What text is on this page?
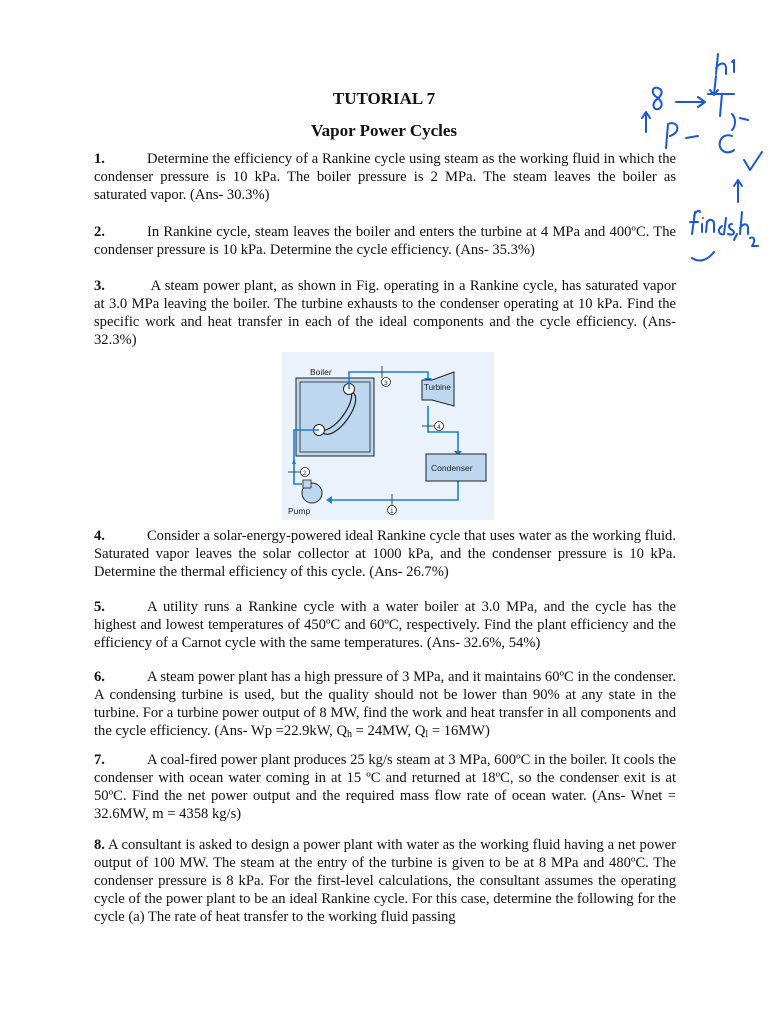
TUTORIAL 7
Vapor Power Cycles

1.	Determine the efficiency of a Rankine cycle using steam as the working fluid in which the condenser pressure is 10 kPa. The boiler pressure is 2 MPa. The steam leaves the boiler as saturated vapor. (Ans- 30.3%)

2.	In Rankine cycle, steam leaves the boiler and enters the turbine at 4 MPa and 400ºC. The condenser pressure is 10 kPa. Determine the cycle efficiency. (Ans- 35.3%)

3.	A steam power plant, as shown in Fig. operating in a Rankine cycle, has saturated vapor at 3.0 MPa leaving the boiler. The turbine exhausts to the condenser operating at 10 kPa. Find the specific work and heat transfer in each of the ideal components and the cycle efficiency. (Ans- 32.3%)

Boiler
Turbine
Condenser
Pump
3
4
2
1

4.	Consider a solar-energy-powered ideal Rankine cycle that uses water as the working fluid. Saturated vapor leaves the solar collector at 1000 kPa, and the condenser pressure is 10 kPa. Determine the thermal efficiency of this cycle. (Ans- 26.7%)

5.	A utility runs a Rankine cycle with a water boiler at 3.0 MPa, and the cycle has the highest and lowest temperatures of 450ºC and 60ºC, respectively. Find the plant efficiency and the efficiency of a Carnot cycle with the same temperatures. (Ans- 32.6%, 54%)

6.	A steam power plant has a high pressure of 3 MPa, and it maintains 60ºC in the condenser. A condensing turbine is used, but the quality should not be lower than 90% at any state in the turbine. For a turbine power output of 8 MW, find the work and heat transfer in all components and the cycle efficiency. (Ans- Wp =22.9kW, $Q_h = 24MW$, $Q_l = 16MW$)

7.	A coal-fired power plant produces 25 kg/s steam at 3 MPa, 600ºC in the boiler. It cools the condenser with ocean water coming in at 15 ºC and returned at 18ºC, so the condenser exit is at 50ºC. Find the net power output and the required mass flow rate of ocean water. (Ans- Wnet = 32.6MW, m = 4358 kg/s)

8. A consultant is asked to design a power plant with water as the working fluid having a net power output of 100 MW. The steam at the entry of the turbine is given to be at 8 MPa and 480ºC. The condenser pressure is 8 kPa. For the first-level calculations, the consultant assumes the operating cycle of the power plant to be an ideal Rankine cycle. For this case, determine the following for the cycle (a) The rate of heat transfer to the working fluid passing

find s, h₂
